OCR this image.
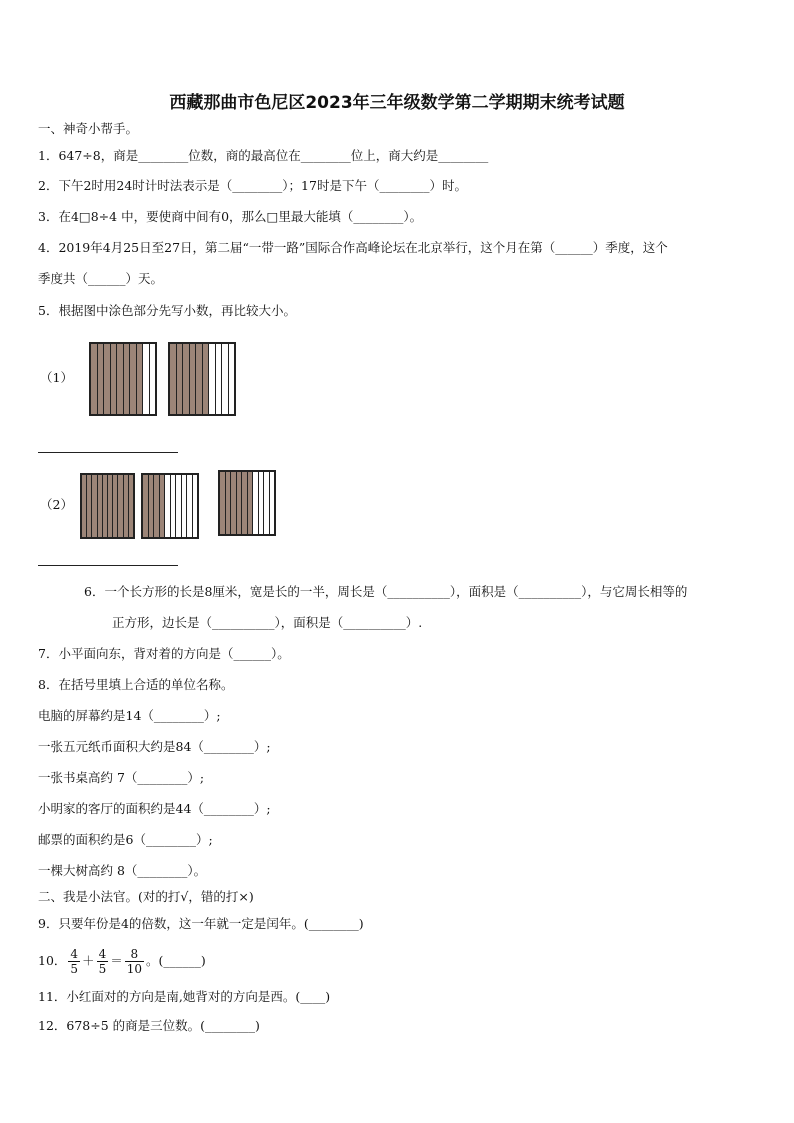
西藏那曲市色尼区2023年三年级数学第二学期期末统考试题
一、神奇小帮手。
1．647÷8，商是________位数，商的最高位在________位上，商大约是________
2．下午2时用24时计时法表示是（________）；17时是下午（________）时。
3．在4□8÷4 中，要使商中间有0，那么□里最大能填（________）。
4．2019年4月25日至27日，第二届“一带一路”国际合作高峰论坛在北京举行，这个月在第（______）季度，这个
季度共（______）天。
5．根据图中涂色部分先写小数，再比较大小。
（1）
（2）
6．一个长方形的长是8厘米，宽是长的一半，周长是（__________），面积是（__________），与它周长相等的
正方形，边长是（__________），面积是（__________）.
7．小平面向东，背对着的方向是（______）。
8．在括号里填上合适的单位名称。
电脑的屏幕约是14（________）;
一张五元纸币面积大约是84（________）;
一张书桌高约 7（________）;
小明家的客厅的面积约是44（________）;
邮票的面积约是6（________）;
一棵大树高约 8（________）。
二、我是小法官。(对的打√，错的打×)
9．只要年份是4的倍数，这一年就一定是闰年。(________)
10． $\frac{4}{5} + \frac{4}{5} = \frac{8}{10}$ 。(______)
11．小红面对的方向是南,她背对的方向是西。(____)
12．678÷5 的商是三位数。(________)
